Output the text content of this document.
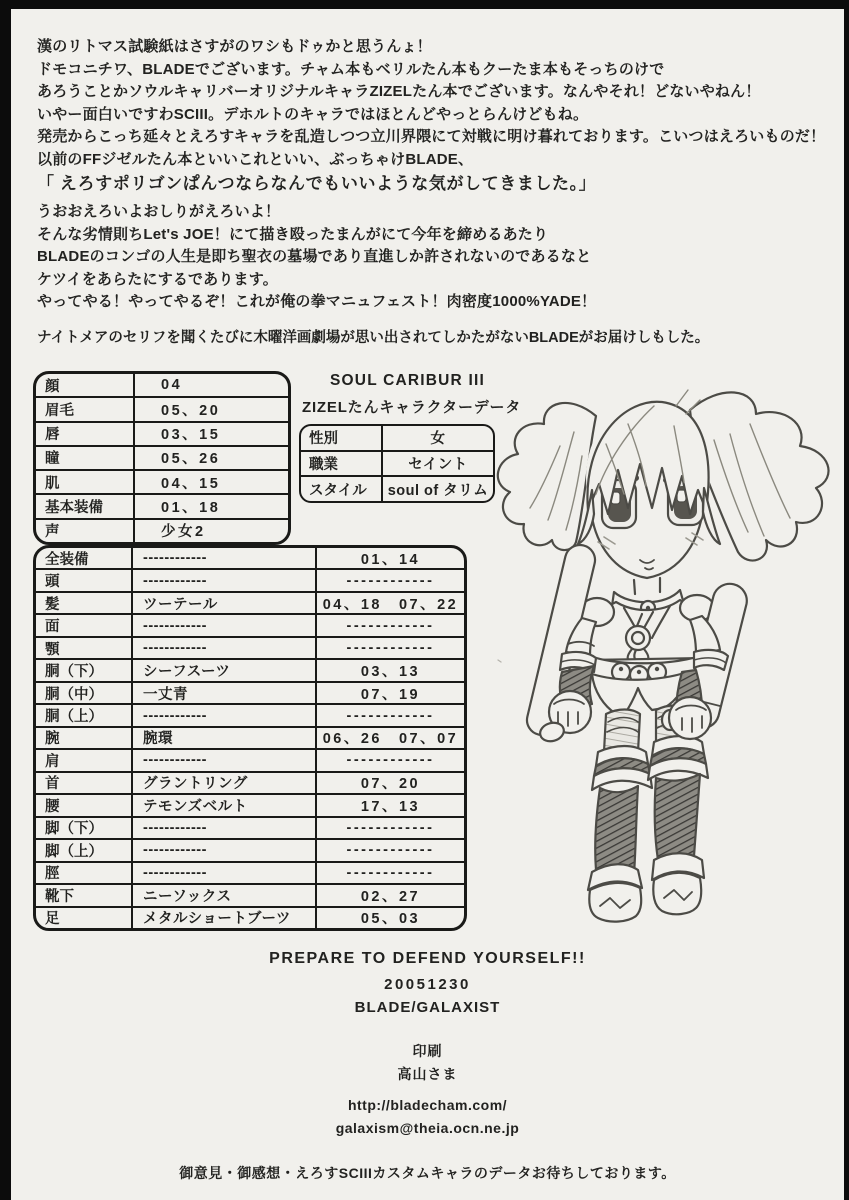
漢のリトマス試験紙はさすがのワシもドゥかと思うんょ！

ドモコニチワ、BLADEでございます。チャム本もベリルたん本もクーたま本もそっちのけで

あろうことかソウルキャリバーオリジナルキャラZIZELたん本でございます。なんやそれ！どないやねん！

いやー面白いですわSCIII。デホルトのキャラではほとんどやっとらんけどもね。

発売からこっち延々とえろすキャラを乱造しつつ立川界隈にて対戦に明け暮れております。こいつはえろいものだ！

以前のFFジゼルたん本といいこれといい、ぶっちゃけBLADE、

「 えろすポリゴンぱんつならなんでもいいような気がしてきました。」

うおおえろいよおしりがえろいよ！

そんな劣情則ちLet's JOE！にて描き殴ったまんがにて今年を締めるあたり

BLADEのコンゴの人生是即ち聖衣の墓場であり直進しか許されないのであるなと

ケツイをあらたにするであります。

やってやる！やってやるぞ！これが俺の拳マニュフェスト！肉密度1000%YADE！

ナイトメアのセリフを聞くたびに木曜洋画劇場が思い出されてしかたがないBLADEがお届けしもした。

顔	04
眉毛	05、20
唇	03、15
瞳	05、26
肌	04、15
基本装備	01、18
声	少女2

SOUL CARIBUR III

ZIZELたんキャラクターデータ

性別	女
職業	セイント
スタイル	soul of タリム
全装備	------------	01、14
頭	------------	------------
髪	ツーテール	04、18　07、22
面	------------	------------
顎	------------	------------
胴（下）	シーフスーツ	03、13
胴（中）	一丈青	07、19
胴（上）	------------	------------
腕	腕環	06、26　07、07
肩	------------	------------
首	グラントリング	07、20
腰	テモンズベルト	17、13
脚（下）	------------	------------
脚（上）	------------	------------
脛	------------	------------
靴下	ニーソックス	02、27
足	メタルショートブーツ	05、03

PREPARE TO DEFEND YOURSELF!!

20051230

BLADE/GALAXIST

印刷

高山さま

http://bladecham.com/

galaxism@theia.ocn.ne.jp

御意見・御感想・えろすSCIIIカスタムキャラのデータお待ちしております。
